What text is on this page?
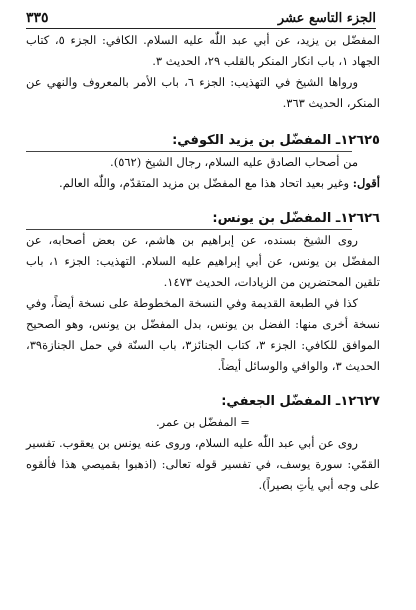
الجزء التاسع عشر
٣٣٥

المفضّل بن يزيد، عن أبي عبد اللّٰه عليه السلام. الكافي: الجزء ٥، كتاب الجهاد ١، باب انكار المنكر بالقلب ٢٩، الحديث ٣.

ورواها الشيخ في التهذيب: الجزء ٦، باب الأمر بالمعروف والنهي عن المنكر، الحديث ٣٦٣.

١٢٦٢٥ـ المفضّل بن يزيد الكوفي:

من أصحاب الصادق عليه السلام، رجال الشيخ (٥٦٢).

أقول: وغير بعيد اتحاد هذا مع المفضّل بن مزيد المتقدّم، واللّٰه العالم.

١٢٦٢٦ـ المفضّل بن يونس:

روى الشيخ بسنده، عن إبراهيم بن هاشم، عن بعض أصحابه، عن المفضّل بن يونس، عن أبي إبراهيم عليه السلام. التهذيب: الجزء ١، باب تلقين المحتضرين من الزيادات، الحديث ١٤٧٣.

كذا في الطبعة القديمة وفي النسخة المخطوطة على نسخة أيضاً، وفي نسخة أخرى منها: الفضل بن يونس، بدل المفضّل بن يونس، وهو الصحيح الموافق للكافي: الجزء ٣، كتاب الجنائز٣، باب السنّة في حمل الجنازة٣٩، الحديث ٣، والوافي والوسائل أيضاً.

١٢٦٢٧ـ المفضّل الجعفي:

= المفضّل بن عمر.

روى عن أبي عبد اللّٰه عليه السلام، وروى عنه يونس بن يعقوب. تفسير القمّي: سورة يوسف، في تفسير قوله تعالى: (اذهبوا بقميصي هذا فألقوه على وجه أبي يأتِ بصيراً).
